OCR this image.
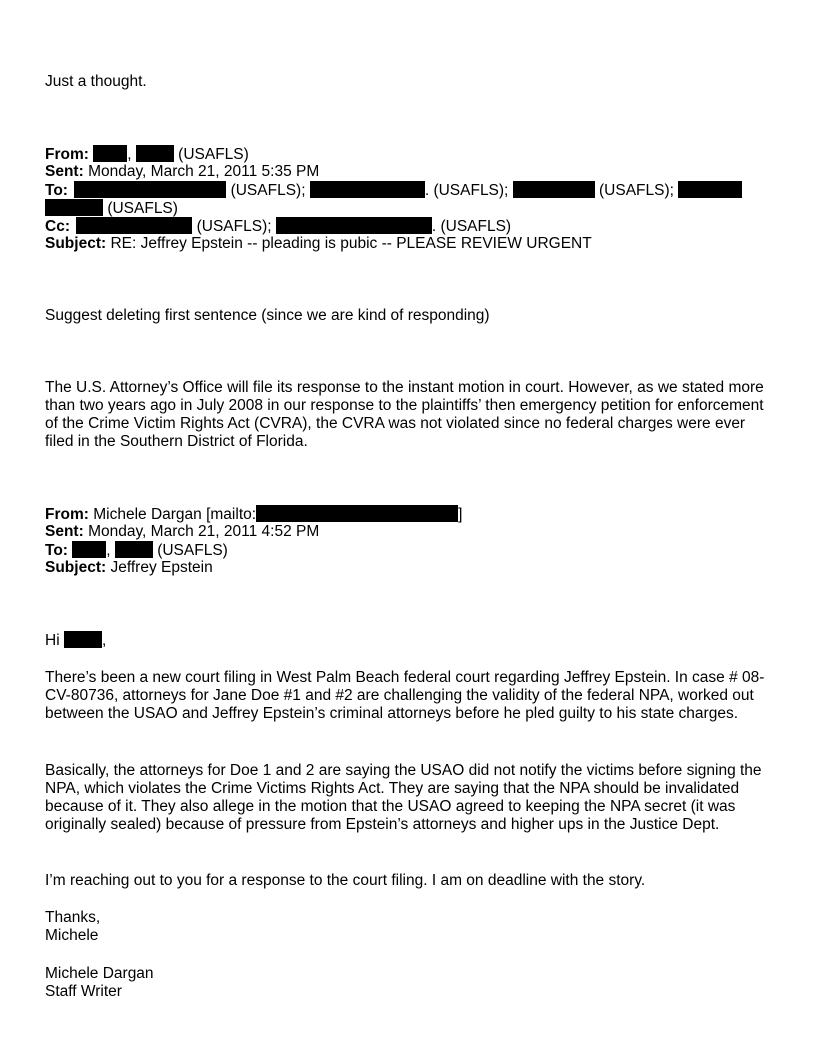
Just a thought.
From: ,	(USAFLS)
Sent: Monday, March 21, 2011 5:35 PM
To:	(USAFLS);	. (USAFLS);	(USAFLS);
(USAFLS)
Cc:	(USAFLS);	. (USAFLS)
Subject: RE: Jeffrey Epstein -- pleading is pubic -- PLEASE REVIEW URGENT
Suggest deleting first sentence (since we are kind of responding)
The U.S. Attorney’s Office will file its response to the instant motion in court. However, as we stated more than two years ago in July 2008 in our response to the plaintiffs’ then emergency petition for enforcement of the Crime Victim Rights Act (CVRA), the CVRA was not violated since no federal charges were ever filed in the Southern District of Florida.
From: Michele Dargan [mailto:	]
Sent: Monday, March 21, 2011 4:52 PM
To: ,	(USAFLS)
Subject: Jeffrey Epstein
Hi	,
There’s been a new court filing in West Palm Beach federal court regarding Jeffrey Epstein. In case # 08-CV-80736, attorneys for Jane Doe #1 and #2 are challenging the validity of the federal NPA, worked out between the USAO and Jeffrey Epstein’s criminal attorneys before he pled guilty to his state charges.
Basically, the attorneys for Doe 1 and 2 are saying the USAO did not notify the victims before signing the NPA, which violates the Crime Victims Rights Act. They are saying that the NPA should be invalidated because of it. They also allege in the motion that the USAO agreed to keeping the NPA secret (it was originally sealed) because of pressure from Epstein’s attorneys and higher ups in the Justice Dept.
I’m reaching out to you for a response to the court filing. I am on deadline with the story.
Thanks,
Michele
Michele Dargan
Staff Writer
